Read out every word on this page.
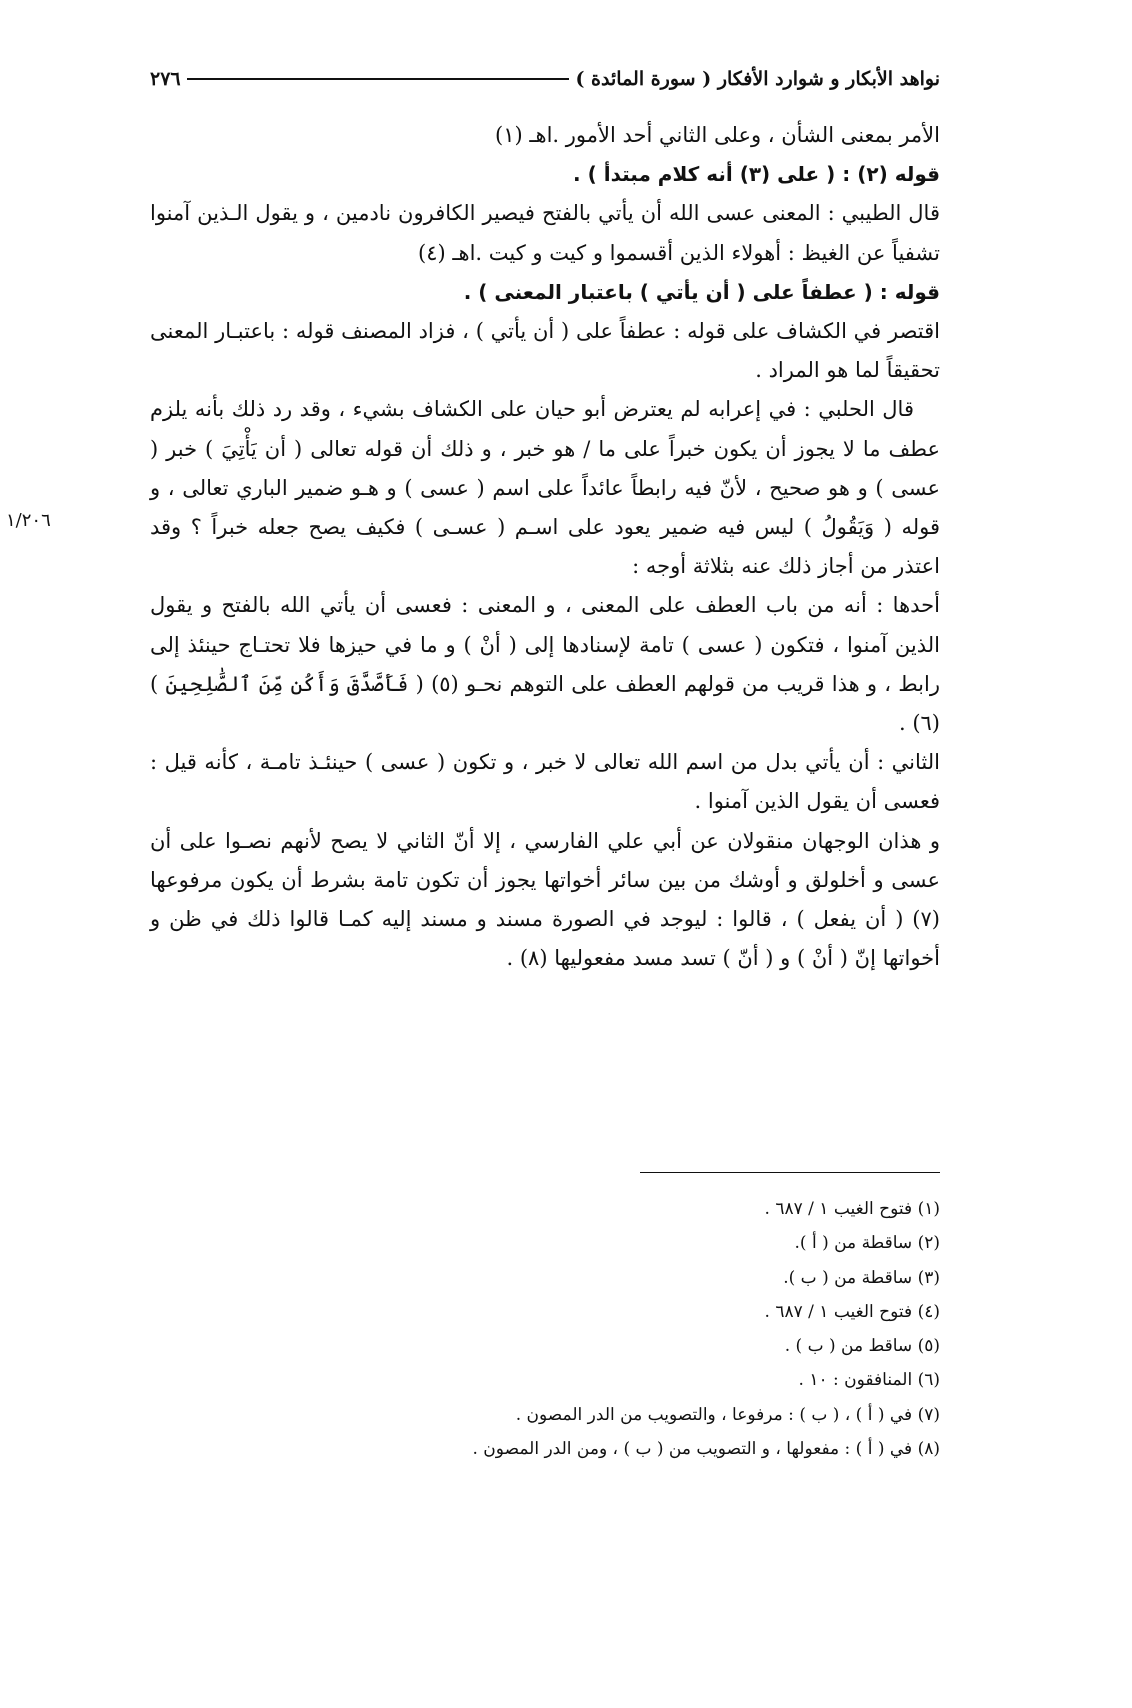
نواهد الأبكار و شوارد الأفكار ( سورة المائدة )
٢٧٦
١/٢٠٦

الأمر بمعنى الشأن ، وعلى الثاني أحد الأمور .اهـ (١)

قوله (٢) : ( على (٣) أنه كلام مبتدأ ) .

قال الطيبي : المعنى عسى الله أن يأتي بالفتح فيصير الكافرون نادمين ، و يقول الـذين آمنوا تشفياً عن الغيظ : أهولاء الذين أقسموا و كيت و كيت .اهـ (٤)

قوله : ( عطفاً على ( أن يأتي ) باعتبار المعنى ) .

اقتصر في الكشاف على قوله : عطفاً على ( أن يأتي ) ، فزاد المصنف قوله : باعتبـار المعنى تحقيقاً لما هو المراد .

قال الحلبي : في إعرابه لم يعترض أبو حيان على الكشاف بشيء ، وقد رد ذلك بأنه يلزم عطف ما لا يجوز أن يكون خبراً على ما / هو خبر ، و ذلك أن قوله تعالى ( أن يَأْتِيَ ) خبر ( عسى ) و هو صحيح ، لأنّ فيه رابطاً عائداً على اسم ( عسى ) و هـو ضمير الباري تعالى ، و قوله ( وَيَقُولُ ) ليس فيه ضمير يعود على اسـم ( عسـى ) فكيف يصح جعله خبراً ؟ وقد اعتذر من أجاز ذلك عنه بثلاثة أوجه :

أحدها : أنه من باب العطف على المعنى ، و المعنى : فعسى أن يأتي الله بالفتح و يقول الذين آمنوا ، فتكون ( عسى ) تامة لإسنادها إلى ( أنْ ) و ما في حيزها فلا تحتـاج حينئذ إلى رابط ، و هذا قريب من قولهم العطف على التوهم نحـو (٥) ( فَأَصَّدَّقَ وَأَكُن مِّنَ ٱلصَّٰلِحِينَ ) (٦) .

الثاني : أن يأتي بدل من اسم الله تعالى لا خبر ، و تكون ( عسى ) حينئـذ تامـة ، كأنه قيل : فعسى أن يقول الذين آمنوا .

و هذان الوجهان منقولان عن أبي علي الفارسي ، إلا أنّ الثاني لا يصح لأنهم نصـوا على أن عسى و أخلولق و أوشك من بين سائر أخواتها يجوز أن تكون تامة بشرط أن يكون مرفوعها (٧) ( أن يفعل ) ، قالوا : ليوجد في الصورة مسند و مسند إليه كمـا قالوا ذلك في ظن و أخواتها إنّ ( أنْ ) و ( أنّ ) تسد مسد مفعوليها (٨) .

(١) فتوح الغيب ١ / ٦٨٧ .
(٢) ساقطة من ( أ ).
(٣) ساقطة من ( ب ).
(٤) فتوح الغيب ١ / ٦٨٧ .
(٥) ساقط من ( ب ) .
(٦) المنافقون : ١٠ .
(٧) في ( أ ) ، ( ب ) : مرفوعا ، والتصويب من الدر المصون .
(٨) في ( أ ) : مفعولها ، و التصويب من ( ب ) ، ومن الدر المصون .
